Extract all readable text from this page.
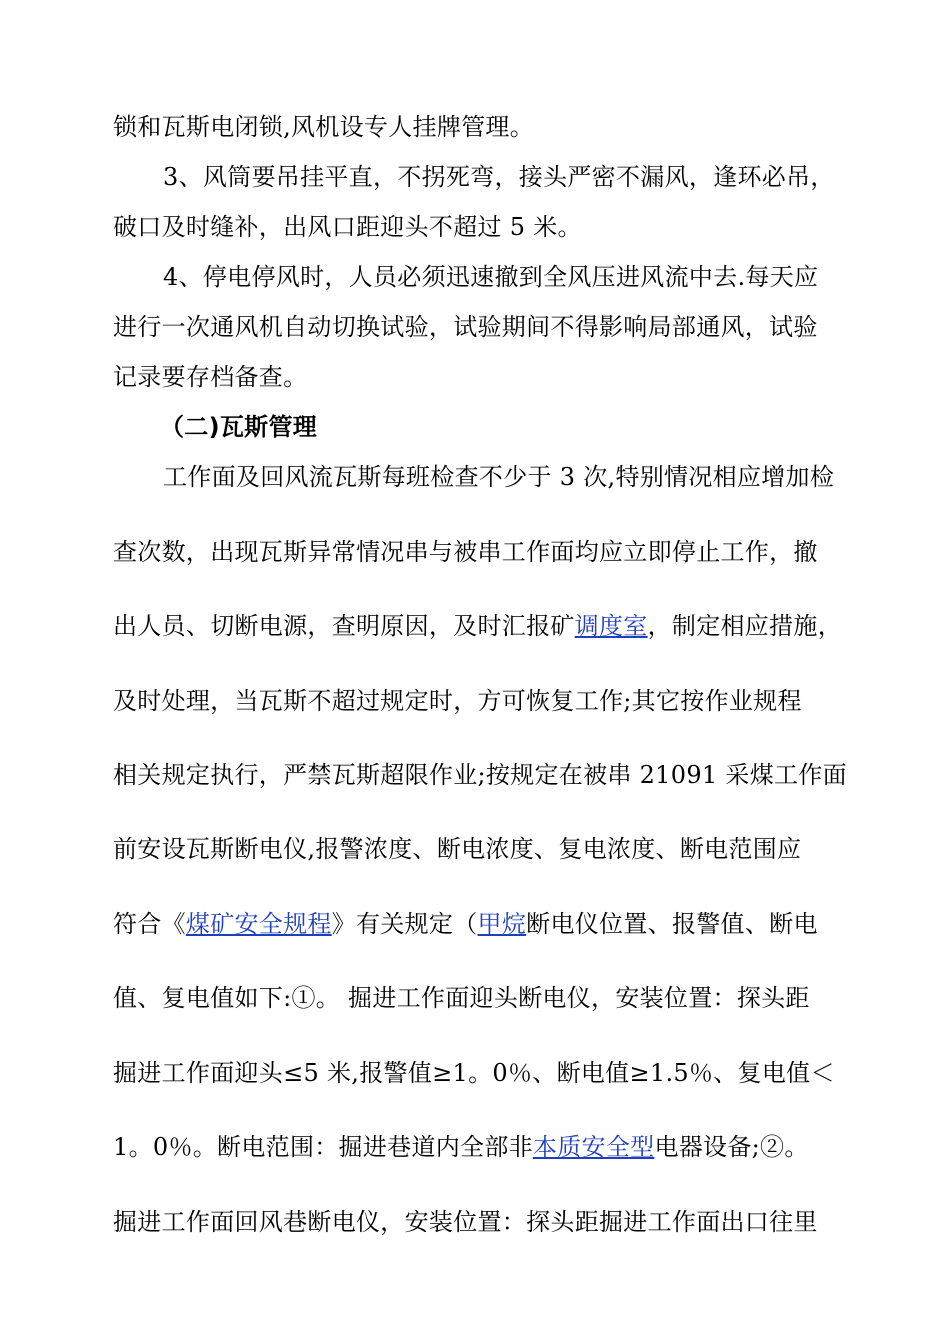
锁和瓦斯电闭锁,风机设专人挂牌管理。
3、风筒要吊挂平直，不拐死弯，接头严密不漏风，逢环必吊，
破口及时缝补，出风口距迎头不超过 5 米。
4、停电停风时，人员必须迅速撤到全风压进风流中去.每天应
进行一次通风机自动切换试验，试验期间不得影响局部通风，试验
记录要存档备查。
（二)瓦斯管理
工作面及回风流瓦斯每班检查不少于 3 次,特别情况相应增加检
查次数，出现瓦斯异常情况串与被串工作面均应立即停止工作，撤
出人员、切断电源，查明原因，及时汇报矿调度室，制定相应措施，
及时处理，当瓦斯不超过规定时，方可恢复工作;其它按作业规程
相关规定执行，严禁瓦斯超限作业;按规定在被串 21091 采煤工作面
前安设瓦斯断电仪,报警浓度、断电浓度、复电浓度、断电范围应
符合《煤矿安全规程》有关规定（甲烷断电仪位置、报警值、断电
值、复电值如下:①。 掘进工作面迎头断电仪，安装位置：探头距
掘进工作面迎头≤5 米,报警值≥1。0％、断电值≥1.5％、复电值＜
1。0％。断电范围：掘进巷道内全部非本质安全型电器设备;②。
掘进工作面回风巷断电仪，安装位置：探头距掘进工作面出口往里
